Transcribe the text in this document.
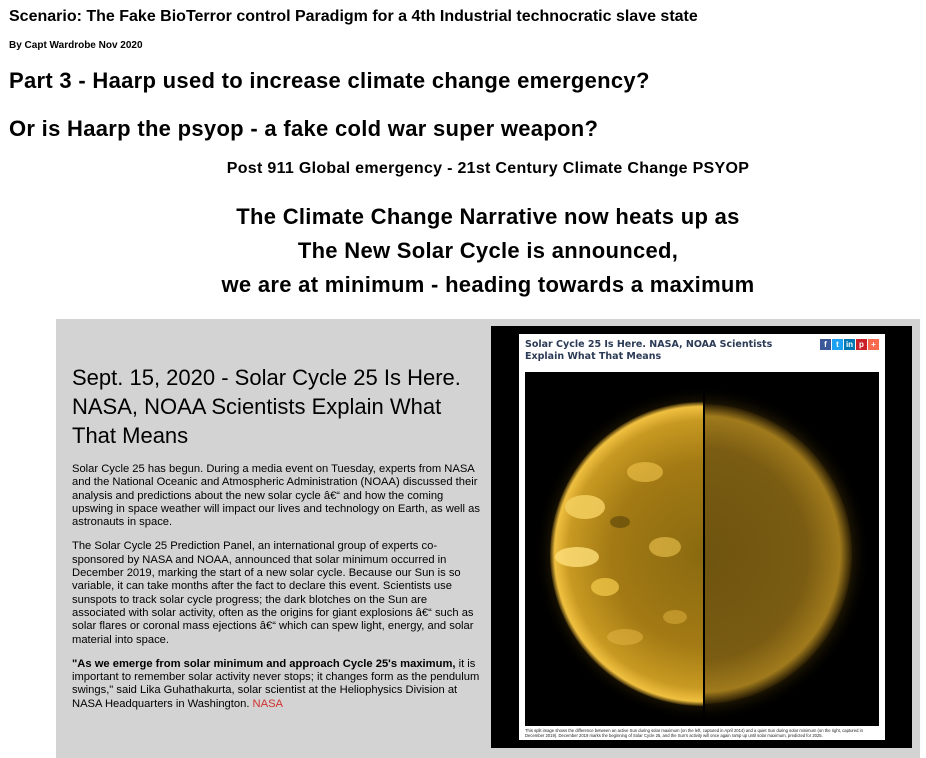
Scenario: The Fake BioTerror control Paradigm for a 4th Industrial technocratic slave state
By Capt Wardrobe Nov 2020
Part 3 - Haarp used to increase climate change emergency?
Or is Haarp the psyop - a fake cold war super weapon?
Post 911 Global emergency - 21st Century Climate Change PSYOP
The Climate Change Narrative now heats up as
The New Solar Cycle is announced,
we are at minimum - heading towards a maximum
Sept. 15, 2020 - Solar Cycle 25 Is Here. NASA, NOAA Scientists Explain What That Means
Solar Cycle 25 has begun. During a media event on Tuesday, experts from NASA and the National Oceanic and Atmospheric Administration (NOAA) discussed their analysis and predictions about the new solar cycle â€“ and how the coming upswing in space weather will impact our lives and technology on Earth, as well as astronauts in space.
The Solar Cycle 25 Prediction Panel, an international group of experts co-sponsored by NASA and NOAA, announced that solar minimum occurred in December 2019, marking the start of a new solar cycle. Because our Sun is so variable, it can take months after the fact to declare this event. Scientists use sunspots to track solar cycle progress; the dark blotches on the Sun are associated with solar activity, often as the origins for giant explosions â€“ such as solar flares or coronal mass ejections â€“ which can spew light, energy, and solar material into space.
"As we emerge from solar minimum and approach Cycle 25's maximum, it is important to remember solar activity never stops; it changes form as the pendulum swings," said Lika Guhathakurta, solar scientist at the Heliophysics Division at NASA Headquarters in Washington. NASA
Solar Cycle 25 Is Here. NASA, NOAA Scientists Explain What That Means
f	t in p +
This split image shows the difference between an active Sun during solar maximum (on the left, captured in April 2014) and a quiet Sun during solar minimum (on the right, captured in December 2019). December 2019 marks the beginning of Solar Cycle 25, and the Sun's activity will once again ramp up until solar maximum, predicted for 2025.
